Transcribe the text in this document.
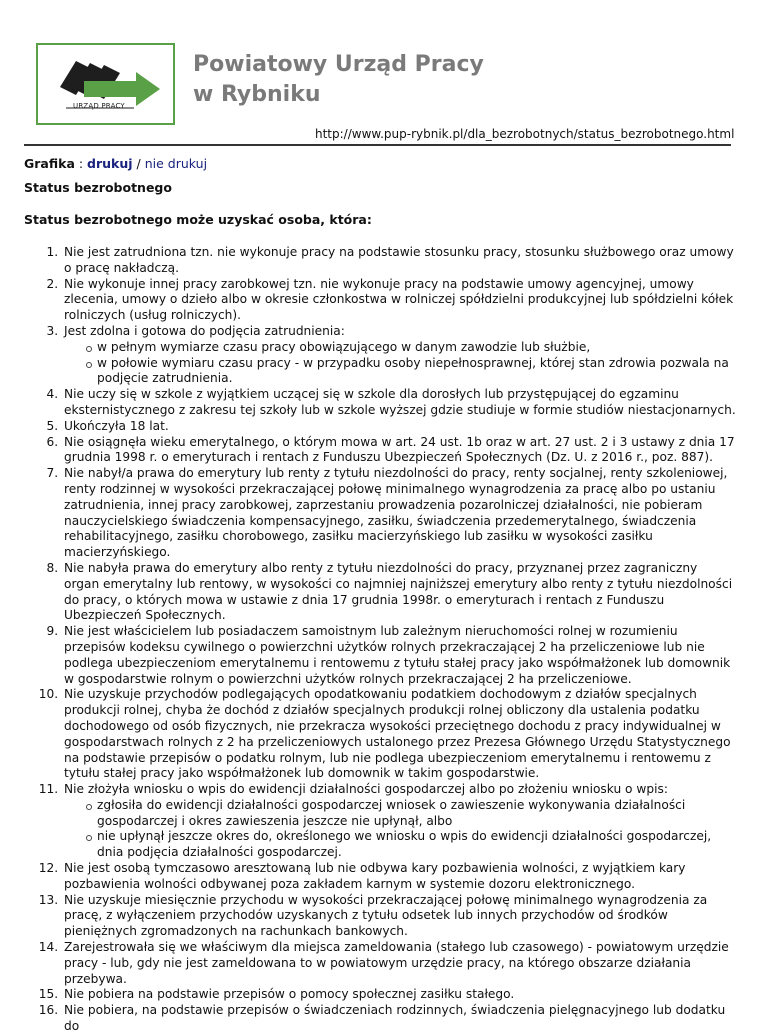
URZĄD PRACY
Powiatowy Urząd Pracy
w Rybniku
http://www.pup-rybnik.pl/dla_bezrobotnych/status_bezrobotnego.html
Grafika : drukuj / nie drukuj
Status bezrobotnego
Status bezrobotnego może uzyskać osoba, która:
1. Nie jest zatrudniona tzn. nie wykonuje pracy na podstawie stosunku pracy, stosunku służbowego oraz umowy o pracę nakładczą.
2. Nie wykonuje innej pracy zarobkowej tzn. nie wykonuje pracy na podstawie umowy agencyjnej, umowy zlecenia, umowy o dzieło albo w okresie członkostwa w rolniczej spółdzielni produkcyjnej lub spółdzielni kółek rolniczych (usług rolniczych).
3. Jest zdolna i gotowa do podjęcia zatrudnienia:
w pełnym wymiarze czasu pracy obowiązującego w danym zawodzie lub służbie,
w połowie wymiaru czasu pracy - w przypadku osoby niepełnosprawnej, której stan zdrowia pozwala na podjęcie zatrudnienia.
4. Nie uczy się w szkole z wyjątkiem uczącej się w szkole dla dorosłych lub przystępującej do egzaminu eksternistycznego z zakresu tej szkoły lub w szkole wyższej gdzie studiuje w formie studiów niestacjonarnych.
5. Ukończyła 18 lat.
6. Nie osiągnęła wieku emerytalnego, o którym mowa w art. 24 ust. 1b oraz w art. 27 ust. 2 i 3 ustawy z dnia 17 grudnia 1998 r. o emeryturach i rentach z Funduszu Ubezpieczeń Społecznych (Dz. U. z 2016 r., poz. 887).
7. Nie nabył/a prawa do emerytury lub renty z tytułu niezdolności do pracy, renty socjalnej, renty szkoleniowej, renty rodzinnej w wysokości przekraczającej połowę minimalnego wynagrodzenia za pracę albo po ustaniu zatrudnienia, innej pracy zarobkowej, zaprzestaniu prowadzenia pozarolniczej działalności, nie pobieram nauczycielskiego świadczenia kompensacyjnego, zasiłku, świadczenia przedemerytalnego, świadczenia rehabilitacyjnego, zasiłku chorobowego, zasiłku macierzyńskiego lub zasiłku w wysokości zasiłku macierzyńskiego.
8. Nie nabyła prawa do emerytury albo renty z tytułu niezdolności do pracy, przyznanej przez zagraniczny organ emerytalny lub rentowy, w wysokości co najmniej najniższej emerytury albo renty z tytułu niezdolności do pracy, o których mowa w ustawie z dnia 17 grudnia 1998r. o emeryturach i rentach z Funduszu Ubezpieczeń Społecznych.
9. Nie jest właścicielem lub posiadaczem samoistnym lub zależnym nieruchomości rolnej w rozumieniu przepisów kodeksu cywilnego o powierzchni użytków rolnych przekraczającej 2 ha przeliczeniowe lub nie podlega ubezpieczeniom emerytalnemu i rentowemu z tytułu stałej pracy jako współmałżonek lub domownik w gospodarstwie rolnym o powierzchni użytków rolnych przekraczającej 2 ha przeliczeniowe.
10. Nie uzyskuje przychodów podlegających opodatkowaniu podatkiem dochodowym z działów specjalnych produkcji rolnej, chyba że dochód z działów specjalnych produkcji rolnej obliczony dla ustalenia podatku dochodowego od osób fizycznych, nie przekracza wysokości przeciętnego dochodu z pracy indywidualnej w gospodarstwach rolnych z 2 ha przeliczeniowych ustalonego przez Prezesa Głównego Urzędu Statystycznego na podstawie przepisów o podatku rolnym, lub nie podlega ubezpieczeniom emerytalnemu i rentowemu z tytułu stałej pracy jako współmałżonek lub domownik w takim gospodarstwie.
11. Nie złożyła wniosku o wpis do ewidencji działalności gospodarczej albo po złożeniu wniosku o wpis:
zgłosiła do ewidencji działalności gospodarczej wniosek o zawieszenie wykonywania działalności gospodarczej i okres zawieszenia jeszcze nie upłynął, albo
nie upłynął jeszcze okres do, określonego we wniosku o wpis do ewidencji działalności gospodarczej, dnia podjęcia działalności gospodarczej.
12. Nie jest osobą tymczasowo aresztowaną lub nie odbywa kary pozbawienia wolności, z wyjątkiem kary pozbawienia wolności odbywanej poza zakładem karnym w systemie dozoru elektronicznego.
13. Nie uzyskuje miesięcznie przychodu w wysokości przekraczającej połowę minimalnego wynagrodzenia za pracę, z wyłączeniem przychodów uzyskanych z tytułu odsetek lub innych przychodów od środków pieniężnych zgromadzonych na rachunkach bankowych.
14. Zarejestrowała się we właściwym dla miejsca zameldowania (stałego lub czasowego) - powiatowym urzędzie pracy - lub, gdy nie jest zameldowana to w powiatowym urzędzie pracy, na którego obszarze działania przebywa.
15. Nie pobiera na podstawie przepisów o pomocy społecznej zasiłku stałego.
16. Nie pobiera, na podstawie przepisów o świadczeniach rodzinnych, świadczenia pielęgnacyjnego lub dodatku do
